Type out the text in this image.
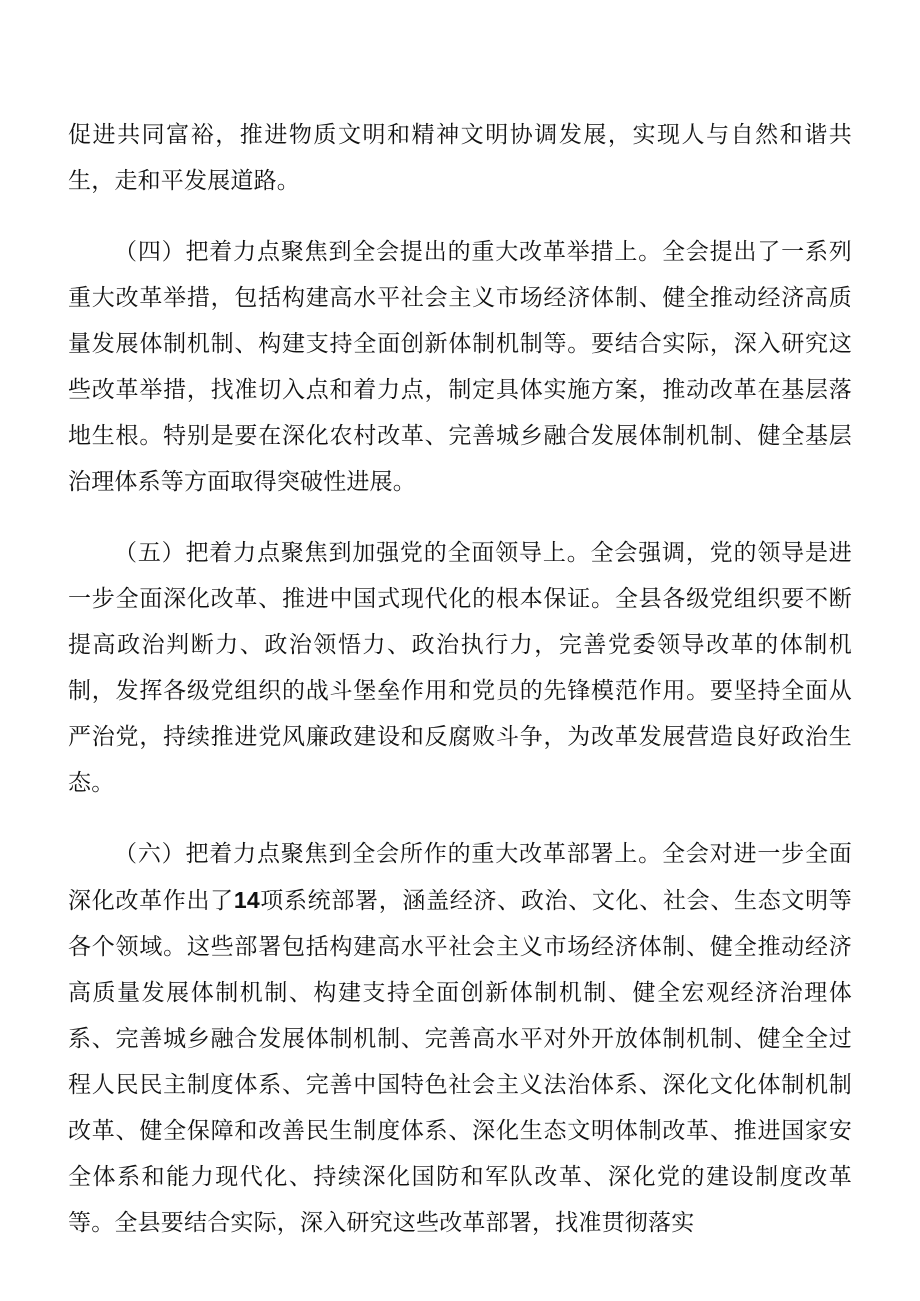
促进共同富裕，推进物质文明和精神文明协调发展，实现人与自然和谐共生，走和平发展道路。

（四）把着力点聚焦到全会提出的重大改革举措上。全会提出了一系列重大改革举措，包括构建高水平社会主义市场经济体制、健全推动经济高质量发展体制机制、构建支持全面创新体制机制等。要结合实际，深入研究这些改革举措，找准切入点和着力点，制定具体实施方案，推动改革在基层落地生根。特别是要在深化农村改革、完善城乡融合发展体制机制、健全基层治理体系等方面取得突破性进展。

（五）把着力点聚焦到加强党的全面领导上。全会强调，党的领导是进一步全面深化改革、推进中国式现代化的根本保证。全县各级党组织要不断提高政治判断力、政治领悟力、政治执行力，完善党委领导改革的体制机制，发挥各级党组织的战斗堡垒作用和党员的先锋模范作用。要坚持全面从严治党，持续推进党风廉政建设和反腐败斗争，为改革发展营造良好政治生态。

（六）把着力点聚焦到全会所作的重大改革部署上。全会对进一步全面深化改革作出了14项系统部署，涵盖经济、政治、文化、社会、生态文明等各个领域。这些部署包括构建高水平社会主义市场经济体制、健全推动经济高质量发展体制机制、构建支持全面创新体制机制、健全宏观经济治理体系、完善城乡融合发展体制机制、完善高水平对外开放体制机制、健全全过程人民民主制度体系、完善中国特色社会主义法治体系、深化文化体制机制改革、健全保障和改善民生制度体系、深化生态文明体制改革、推进国家安全体系和能力现代化、持续深化国防和军队改革、深化党的建设制度改革等。全县要结合实际，深入研究这些改革部署，找准贯彻落实
